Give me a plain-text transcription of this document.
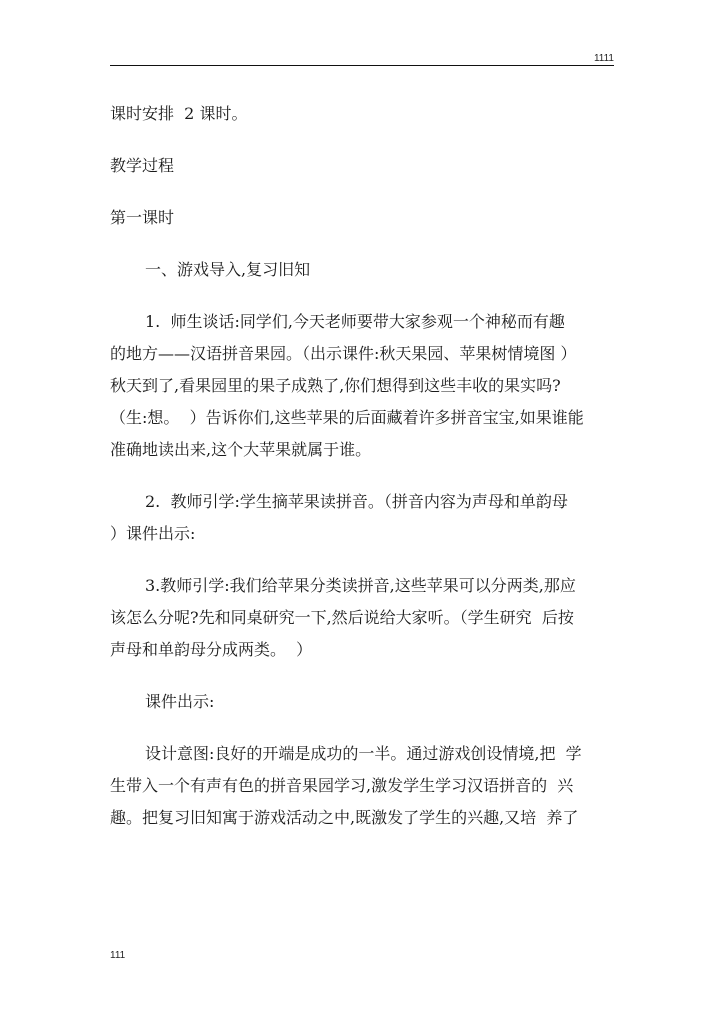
1111
课时安排  2 课时。
教学过程
第一课时
一、游戏导入,复习旧知
1.  师生谈话:同学们,今天老师要带大家参观一个神秘而有趣
的地方——汉语拼音果园。（出示课件:秋天果园、苹果树情境图 ）
秋天到了,看果园里的果子成熟了,你们想得到这些丰收的果实吗?
（生:想。  ）告诉你们,这些苹果的后面藏着许多拼音宝宝,如果谁能
准确地读出来,这个大苹果就属于谁。
2.  教师引学:学生摘苹果读拼音。（拼音内容为声母和单韵母
）课件出示:
3.教师引学:我们给苹果分类读拼音,这些苹果可以分两类,那应
该怎么分呢?先和同桌研究一下,然后说给大家听。（学生研究  后按
声母和单韵母分成两类。  ）
课件出示:
设计意图:良好的开端是成功的一半。通过游戏创设情境,把  学
生带入一个有声有色的拼音果园学习,激发学生学习汉语拼音的  兴
趣。把复习旧知寓于游戏活动之中,既激发了学生的兴趣,又培  养了
111
